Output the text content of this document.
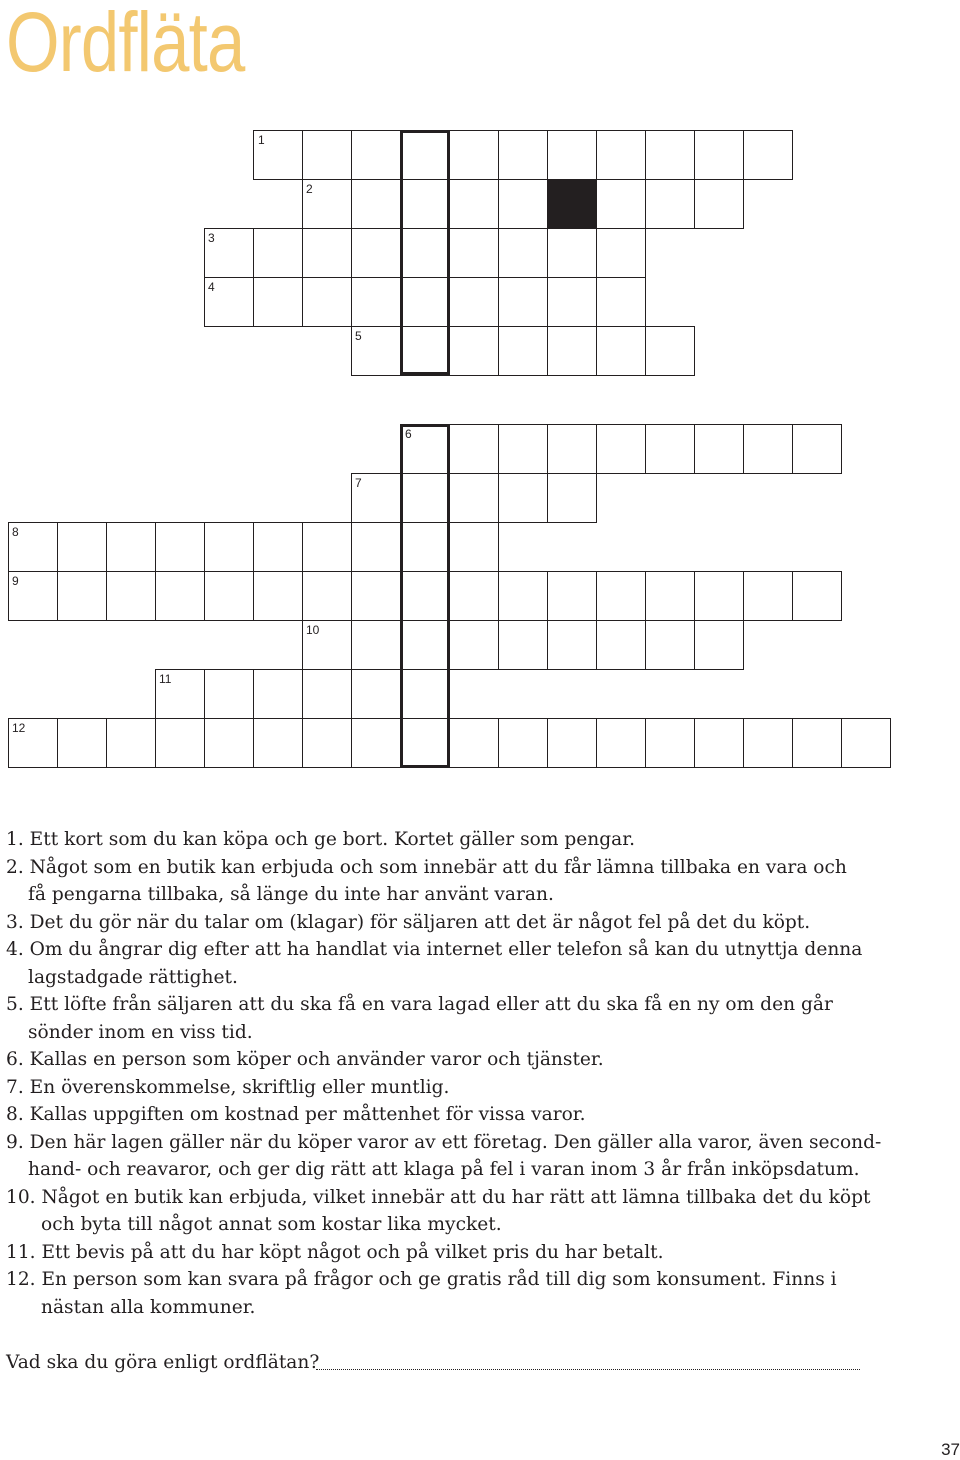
Ordfläta
1
2
3
4
5
6
7
8
9
10
11
12
1. Ett kort som du kan köpa och ge bort. Kortet gäller som pengar.
2. Något som en butik kan erbjuda och som innebär att du får lämna tillbaka en vara och
få pengarna tillbaka, så länge du inte har använt varan.
3. Det du gör när du talar om (klagar) för säljaren att det är något fel på det du köpt.
4. Om du ångrar dig efter att ha handlat via internet eller telefon så kan du utnyttja denna
lagstadgade rättighet.
5. Ett löfte från säljaren att du ska få en vara lagad eller att du ska få en ny om den går
sönder inom en viss tid.
6. Kallas en person som köper och använder varor och tjänster.
7. En överenskommelse, skriftlig eller muntlig.
8. Kallas uppgiften om kostnad per måttenhet för vissa varor.
9. Den här lagen gäller när du köper varor av ett företag. Den gäller alla varor, även second-
hand- och reavaror, och ger dig rätt att klaga på fel i varan inom 3 år från inköpsdatum.
10. Något en butik kan erbjuda, vilket innebär att du har rätt att lämna tillbaka det du köpt
och byta till något annat som kostar lika mycket.
11. Ett bevis på att du har köpt något och på vilket pris du har betalt.
12. En person som kan svara på frågor och ge gratis råd till dig som konsument. Finns i
nästan alla kommuner.
Vad ska du göra enligt ordflätan?
37
